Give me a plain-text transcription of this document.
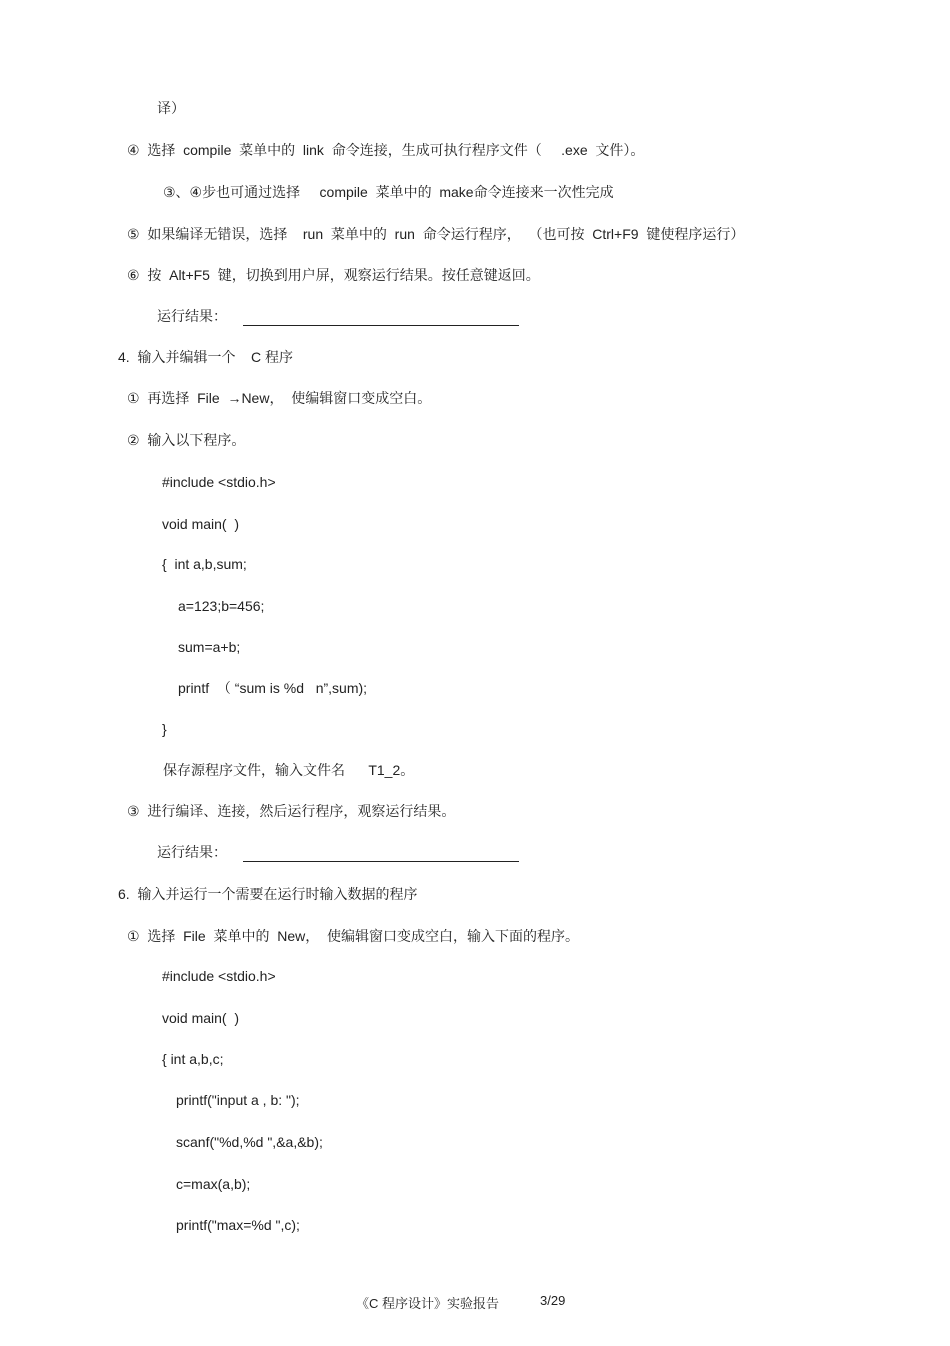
译）
④  选择  compile  菜单中的  link  命令连接，生成可执行程序文件（     .exe  文件）。
③、④步也可通过选择     compile  菜单中的  make命令连接来一次性完成
⑤  如果编译无错误，选择    run  菜单中的  run  命令运行程序，  （也可按  Ctrl+F9  键使程序运行）
⑥  按  Alt+F5  键，切换到用户屏，观察运行结果。按任意键返回。
运行结果：
4.  输入并编辑一个    C 程序
①  再选择  File  →New，  使编辑窗口变成空白。
②  输入以下程序。
#include <stdio.h>
void main(  )
{  int a,b,sum;
a=123;b=456;
sum=a+b;
printf  （ “sum is %d   n”,sum);
}
保存源程序文件，输入文件名      T1_2。
③  进行编译、连接，然后运行程序，观察运行结果。
运行结果：
6.  输入并运行一个需要在运行时输入数据的程序
①  选择  File  菜单中的  New，  使编辑窗口变成空白，输入下面的程序。
#include <stdio.h>
void main(  )
{ int a,b,c;
printf("input a , b: ");
scanf("%d,%d ",&a,&b);
c=max(a,b);
printf("max=%d ",c);
《C 程序设计》实验报告	3/29
